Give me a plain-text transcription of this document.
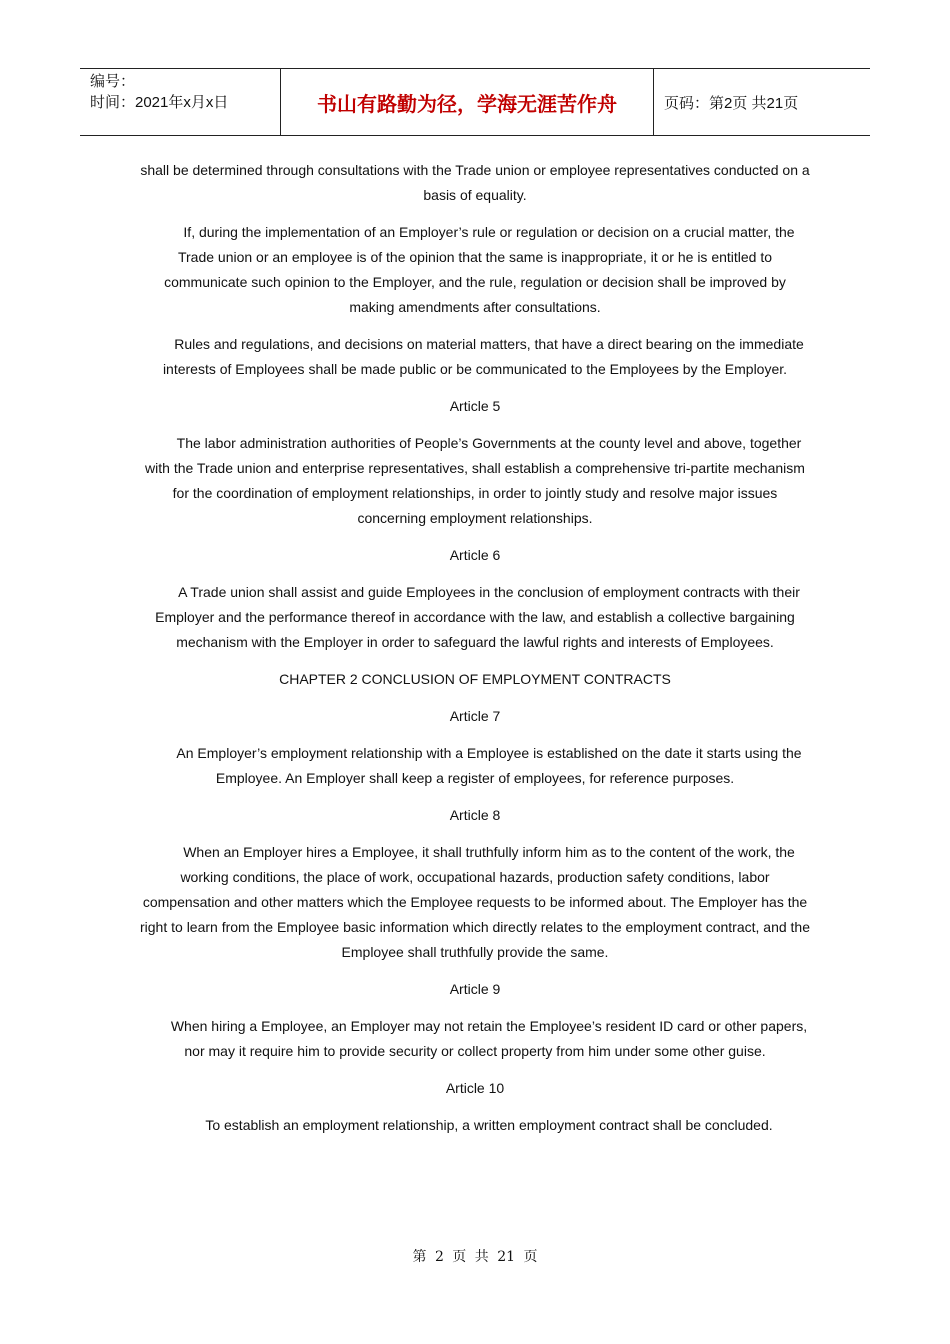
编号：
时间：2021年x月x日	书山有路勤为径，学海无涯苦作舟	页码：第2页 共21页

shall be determined through consultations with the Trade union or employee representatives conducted on a basis of equality.

If, during the implementation of an Employer’s rule or regulation or decision on a crucial matter, the Trade union or an employee is of the opinion that the same is inappropriate, it or he is entitled to communicate such opinion to the Employer, and the rule, regulation or decision shall be improved by making amendments after consultations.

Rules and regulations, and decisions on material matters, that have a direct bearing on the immediate interests of Employees shall be made public or be communicated to the Employees by the Employer.

Article 5

The labor administration authorities of People’s Governments at the county level and above, together with the Trade union and enterprise representatives, shall establish a comprehensive tri-partite mechanism for the coordination of employment relationships, in order to jointly study and resolve major issues concerning employment relationships.

Article 6

A Trade union shall assist and guide Employees in the conclusion of employment contracts with their Employer and the performance thereof in accordance with the law, and establish a collective bargaining mechanism with the Employer in order to safeguard the lawful rights and interests of Employees.

CHAPTER 2 CONCLUSION OF EMPLOYMENT CONTRACTS

Article 7

An Employer’s employment relationship with a Employee is established on the date it starts using the Employee. An Employer shall keep a register of employees, for reference purposes.

Article 8

When an Employer hires a Employee, it shall truthfully inform him as to the content of the work, the working conditions, the place of work, occupational hazards, production safety conditions, labor compensation and other matters which the Employee requests to be informed about. The Employer has the right to learn from the Employee basic information which directly relates to the employment contract, and the Employee shall truthfully provide the same.

Article 9

When hiring a Employee, an Employer may not retain the Employee’s resident ID card or other papers, nor may it require him to provide security or collect property from him under some other guise.

Article 10

To establish an employment relationship, a written employment contract shall be concluded.

第 2 页 共 21 页
